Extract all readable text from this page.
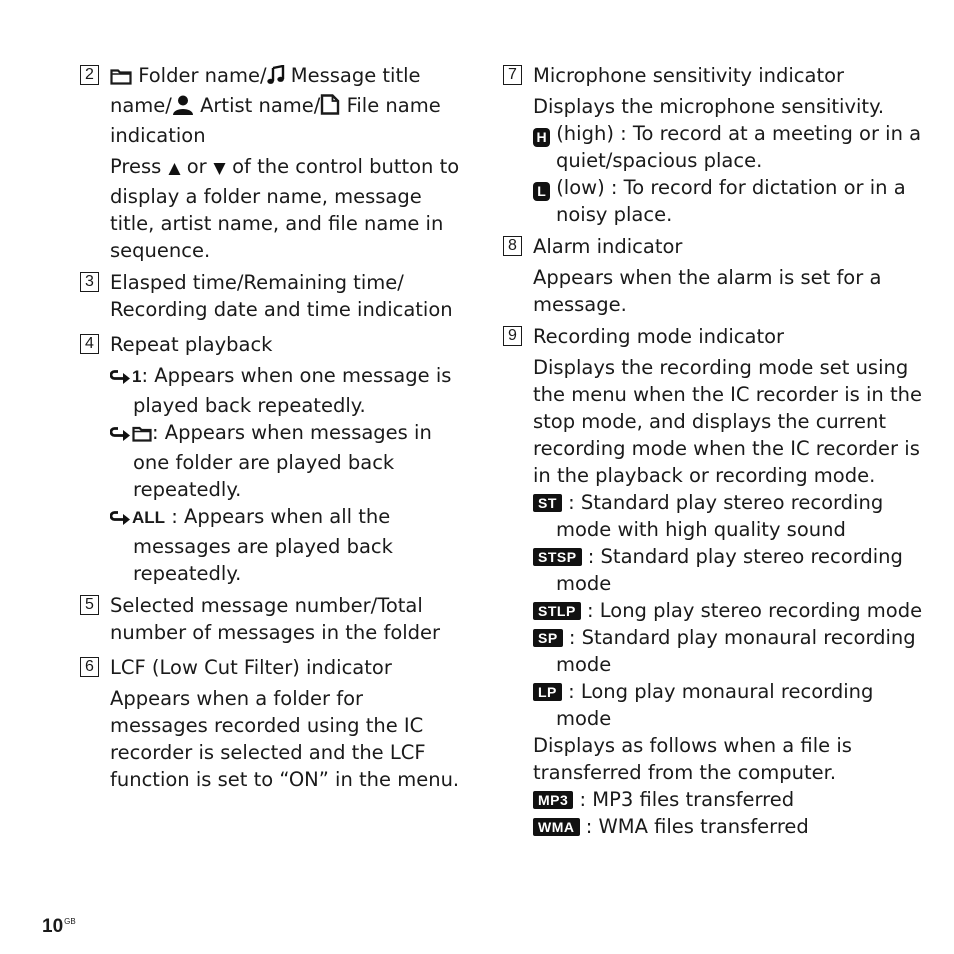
2	Folder name/ Message title
name/ Artist name/ File name
indication
Press or of the control button to display a folder name, message title, artist name, and file name in sequence.
3 Elasped time/Remaining time/ Recording date and time indication
4 Repeat playback
1: Appears when one message is played back repeatedly.
: Appears when messages in one folder are played back repeatedly.
ALL : Appears when all the messages are played back repeatedly.
5 Selected message number/Total number of messages in the folder
6 LCF (Low Cut Filter) indicator
Appears when a folder for messages recorded using the IC recorder is selected and the LCF function is set to “ON” in the menu.
7 Microphone sensitivity indicator
Displays the microphone sensitivity.
H (high) : To record at a meeting or in a quiet/spacious place.
L (low) : To record for dictation or in a noisy place.
8 Alarm indicator
Appears when the alarm is set for a message.
9 Recording mode indicator
Displays the recording mode set using the menu when the IC recorder is in the stop mode, and displays the current recording mode when the IC recorder is in the playback or recording mode.
ST : Standard play stereo recording mode with high quality sound
STSP : Standard play stereo recording mode
STLP : Long play stereo recording mode
SP : Standard play monaural recording mode
LP : Long play monaural recording mode
Displays as follows when a file is transferred from the computer.
MP3 : MP3 files transferred
WMA : WMA files transferred
$10^{GB}$
